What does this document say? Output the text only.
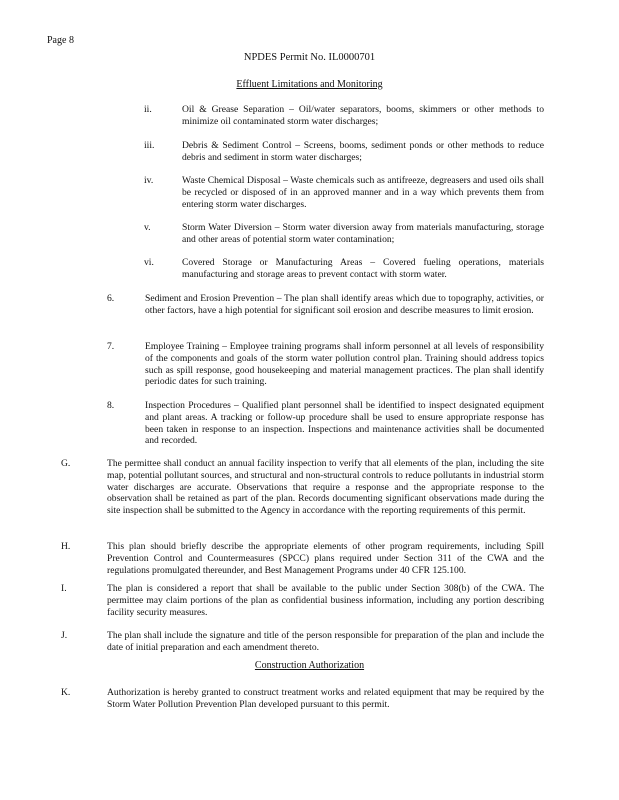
Page 8
NPDES Permit No. IL0000701
Effluent Limitations and Monitoring
ii.	Oil & Grease Separation – Oil/water separators, booms, skimmers or other methods to minimize oil contaminated storm water discharges;
iii.	Debris & Sediment Control – Screens, booms, sediment ponds or other methods to reduce debris and sediment in storm water discharges;
iv.	Waste Chemical Disposal – Waste chemicals such as antifreeze, degreasers and used oils shall be recycled or disposed of in an approved manner and in a way which prevents them from entering storm water discharges.
v.	Storm Water Diversion – Storm water diversion away from materials manufacturing, storage and other areas of potential storm water contamination;
vi.	Covered Storage or Manufacturing Areas – Covered fueling operations, materials manufacturing and storage areas to prevent contact with storm water.
6.	Sediment and Erosion Prevention – The plan shall identify areas which due to topography, activities, or other factors, have a high potential for significant soil erosion and describe measures to limit erosion.
7.	Employee Training – Employee training programs shall inform personnel at all levels of responsibility of the components and goals of the storm water pollution control plan. Training should address topics such as spill response, good housekeeping and material management practices. The plan shall identify periodic dates for such training.
8.	Inspection Procedures – Qualified plant personnel shall be identified to inspect designated equipment and plant areas. A tracking or follow-up procedure shall be used to ensure appropriate response has been taken in response to an inspection. Inspections and maintenance activities shall be documented and recorded.
G.	The permittee shall conduct an annual facility inspection to verify that all elements of the plan, including the site map, potential pollutant sources, and structural and non-structural controls to reduce pollutants in industrial storm water discharges are accurate. Observations that require a response and the appropriate response to the observation shall be retained as part of the plan. Records documenting significant observations made during the site inspection shall be submitted to the Agency in accordance with the reporting requirements of this permit.
H.	This plan should briefly describe the appropriate elements of other program requirements, including Spill Prevention Control and Countermeasures (SPCC) plans required under Section 311 of the CWA and the regulations promulgated thereunder, and Best Management Programs under 40 CFR 125.100.
I.	The plan is considered a report that shall be available to the public under Section 308(b) of the CWA. The permittee may claim portions of the plan as confidential business information, including any portion describing facility security measures.
J.	The plan shall include the signature and title of the person responsible for preparation of the plan and include the date of initial preparation and each amendment thereto.
Construction Authorization
K.	Authorization is hereby granted to construct treatment works and related equipment that may be required by the Storm Water Pollution Prevention Plan developed pursuant to this permit.
